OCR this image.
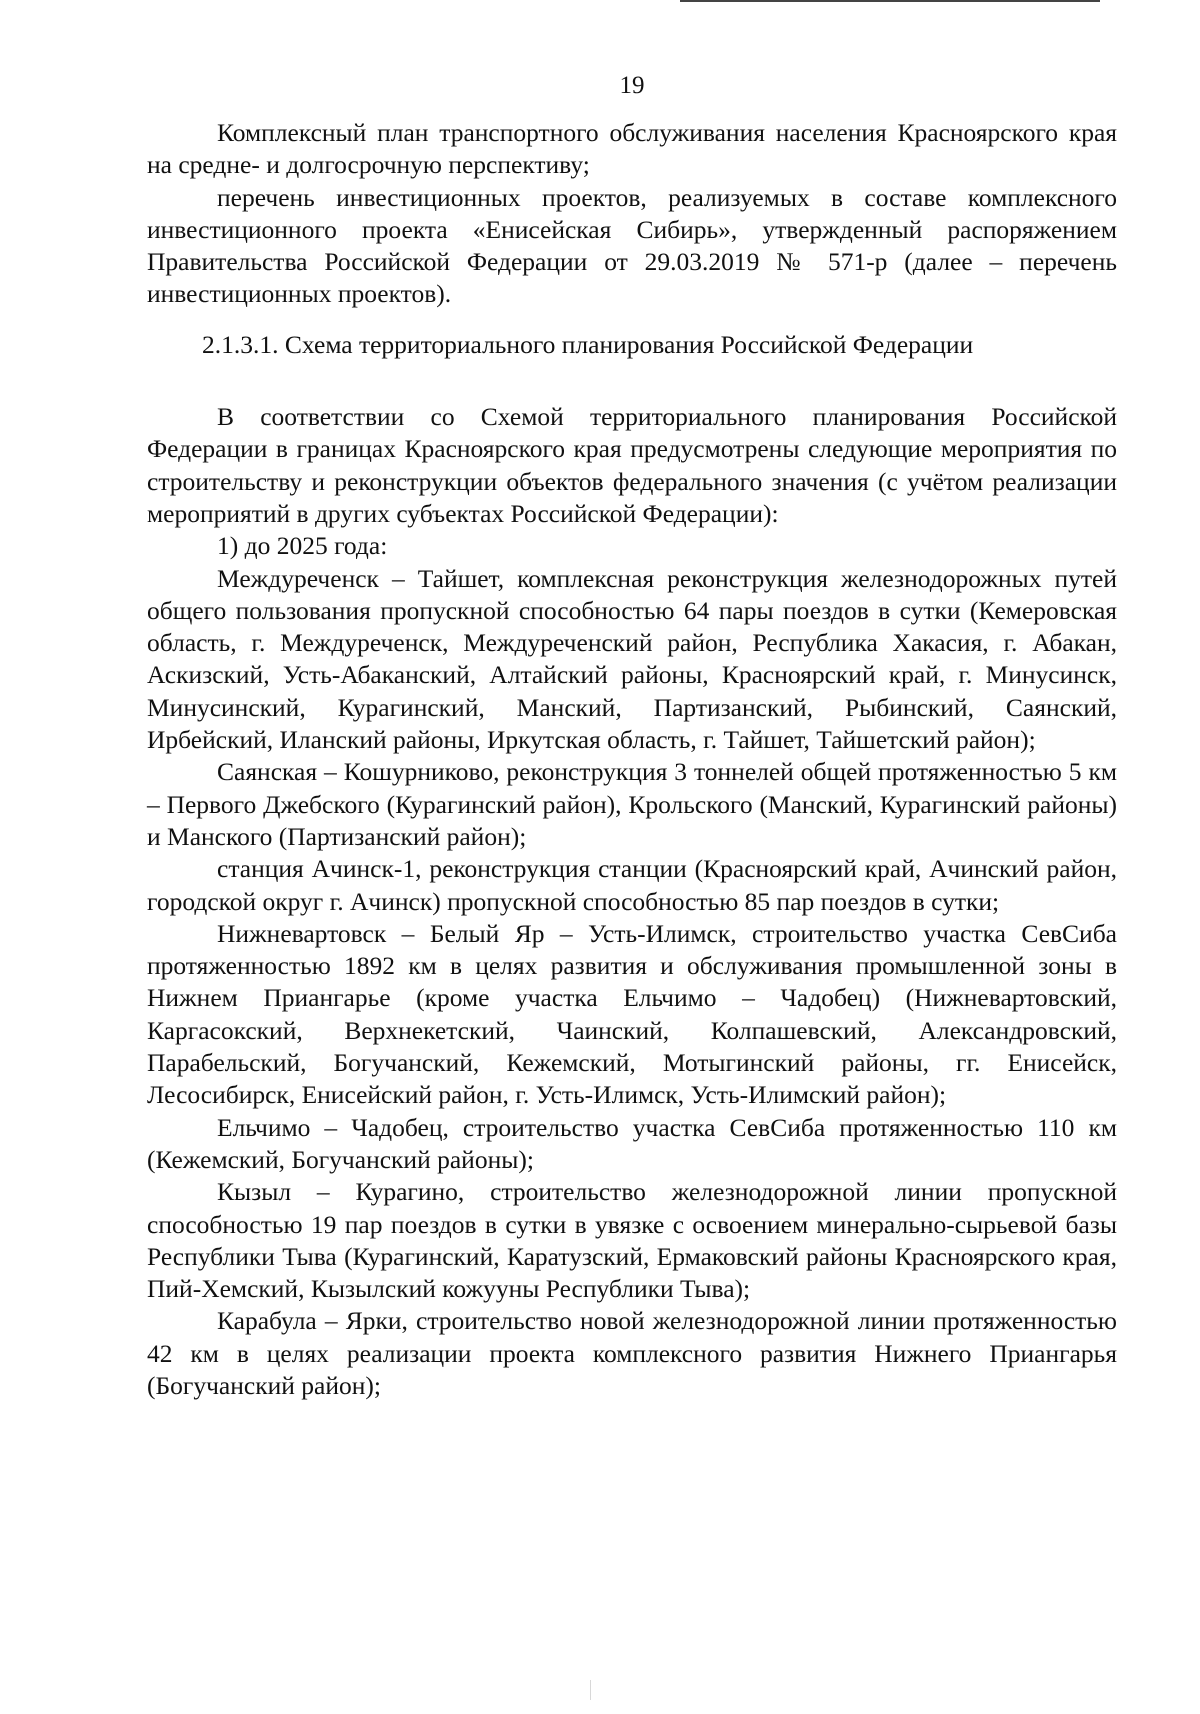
19

Комплексный план транспортного обслуживания населения Красноярского края на средне- и долгосрочную перспективу;

перечень инвестиционных проектов, реализуемых в составе комплексного инвестиционного проекта «Енисейская Сибирь», утвержденный распоряжением Правительства Российской Федерации от 29.03.2019 № 571-р (далее – перечень инвестиционных проектов).

2.1.3.1. Схема территориального планирования Российской Федерации

В соответствии со Схемой территориального планирования Российской Федерации в границах Красноярского края предусмотрены следующие мероприятия по строительству и реконструкции объектов федерального значения (с учётом реализации мероприятий в других субъектах Российской Федерации):

1) до 2025 года:

Междуреченск – Тайшет, комплексная реконструкция железнодорожных путей общего пользования пропускной способностью 64 пары поездов в сутки (Кемеровская область, г. Междуреченск, Междуреченский район, Республика Хакасия, г. Абакан, Аскизский, Усть-Абаканский, Алтайский районы, Красноярский край, г. Минусинск, Минусинский, Курагинский, Манский, Партизанский, Рыбинский, Саянский, Ирбейский, Иланский районы, Иркутская область, г. Тайшет, Тайшетский район);

Саянская – Кошурниково, реконструкция 3 тоннелей общей протяженностью 5 км – Первого Джебского (Курагинский район), Крольского (Манский, Курагинский районы) и Манского (Партизанский район);

станция Ачинск-1, реконструкция станции (Красноярский край, Ачинский район, городской округ г. Ачинск) пропускной способностью 85 пар поездов в сутки;

Нижневартовск – Белый Яр – Усть-Илимск, строительство участка СевСиба протяженностью 1892 км в целях развития и обслуживания промышленной зоны в Нижнем Приангарье (кроме участка Ельчимо – Чадобец) (Нижневартовский, Каргасокский, Верхнекетский, Чаинский, Колпашевский, Александровский, Парабельский, Богучанский, Кежемский, Мотыгинский районы, гг. Енисейск, Лесосибирск, Енисейский район, г. Усть-Илимск, Усть-Илимский район);

Ельчимо – Чадобец, строительство участка СевСиба протяженностью 110 км (Кежемский, Богучанский районы);

Кызыл – Курагино, строительство железнодорожной линии пропускной способностью 19 пар поездов в сутки в увязке с освоением минерально-сырьевой базы Республики Тыва (Курагинский, Каратузский, Ермаковский районы Красноярского края, Пий-Хемский, Кызылский кожууны Республики Тыва);

Карабула – Ярки, строительство новой железнодорожной линии протяженностью 42 км в целях реализации проекта комплексного развития Нижнего Приангарья (Богучанский район);
